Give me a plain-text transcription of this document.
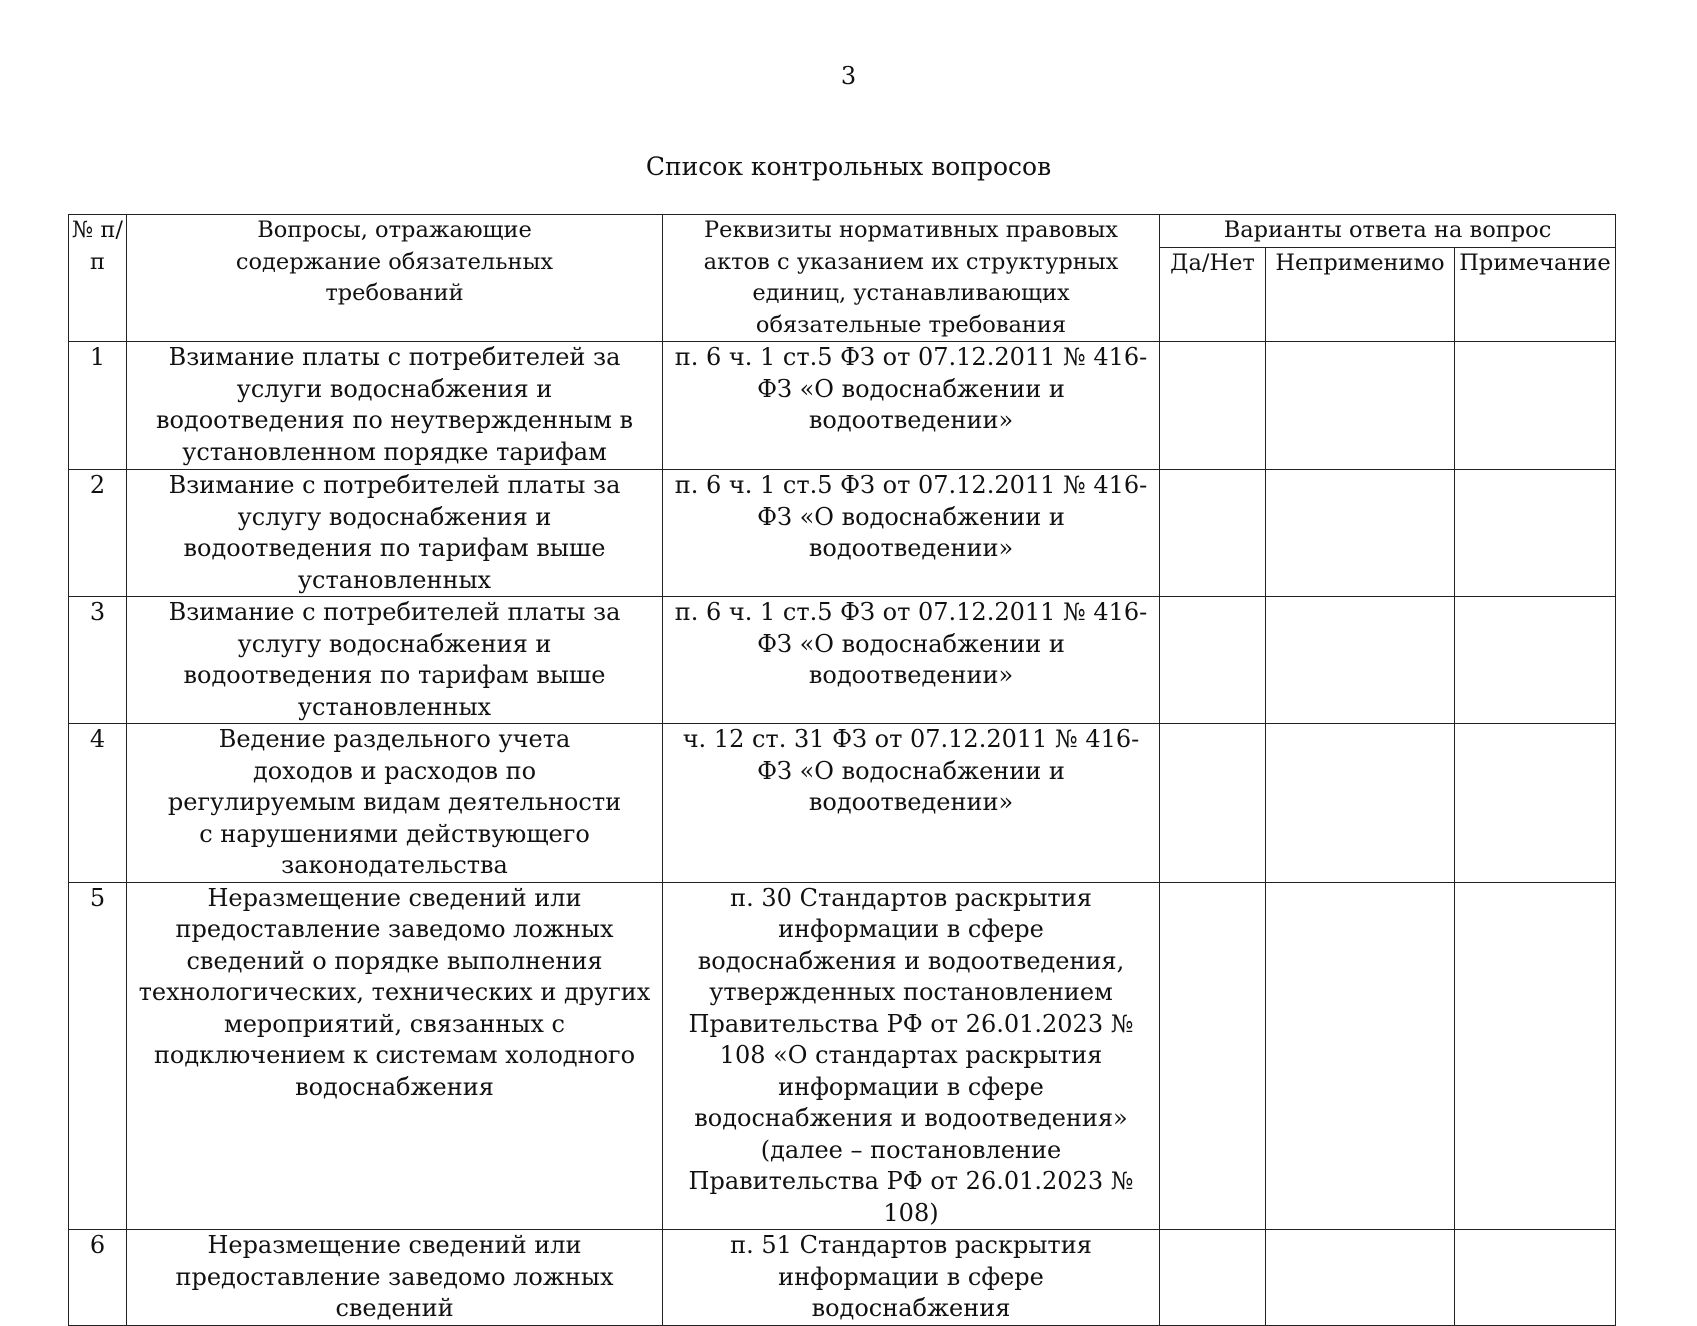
3
Список контрольных вопросов
№ п/п	Вопросы, отражающие содержание обязательных требований	Реквизиты нормативных правовых актов с указанием их структурных единиц, устанавливающих обязательные требования	Варианты ответа на вопрос		
			Да/Нет	Неприменимо	Примечание
1	Взимание платы с потребителей за услуги водоснабжения и водоотведения по неутвержденным в установленном порядке тарифам	п. 6 ч. 1 ст.5 ФЗ от 07.12.2011 № 416-ФЗ «О водоснабжении и водоотведении»			
2	Взимание с потребителей платы за услугу водоснабжения и водоотведения по тарифам выше установленных	п. 6 ч. 1 ст.5 ФЗ от 07.12.2011 № 416-ФЗ «О водоснабжении и водоотведении»			
3	Взимание с потребителей платы за услугу водоснабжения и водоотведения по тарифам выше установленных	п. 6 ч. 1 ст.5 ФЗ от 07.12.2011 № 416-ФЗ «О водоснабжении и водоотведении»			
4	Ведение раздельного учета доходов и расходов по регулируемым видам деятельности с нарушениями действующего законодательства	ч. 12 ст. 31 ФЗ от 07.12.2011 № 416-ФЗ «О водоснабжении и водоотведении»			
5	Неразмещение сведений или предоставление заведомо ложных сведений о порядке выполнения технологических, технических и других мероприятий, связанных с подключением к системам холодного водоснабжения	п. 30 Стандартов раскрытия информации в сфере водоснабжения и водоотведения, утвержденных постановлением Правительства РФ от 26.01.2023 № 108 «О стандартах раскрытия информации в сфере водоснабжения и водоотведения» (далее – постановление Правительства РФ от 26.01.2023 № 108)			
6	Неразмещение сведений или предоставление заведомо ложных сведений	п. 51 Стандартов раскрытия информации в сфере водоснабжения			
